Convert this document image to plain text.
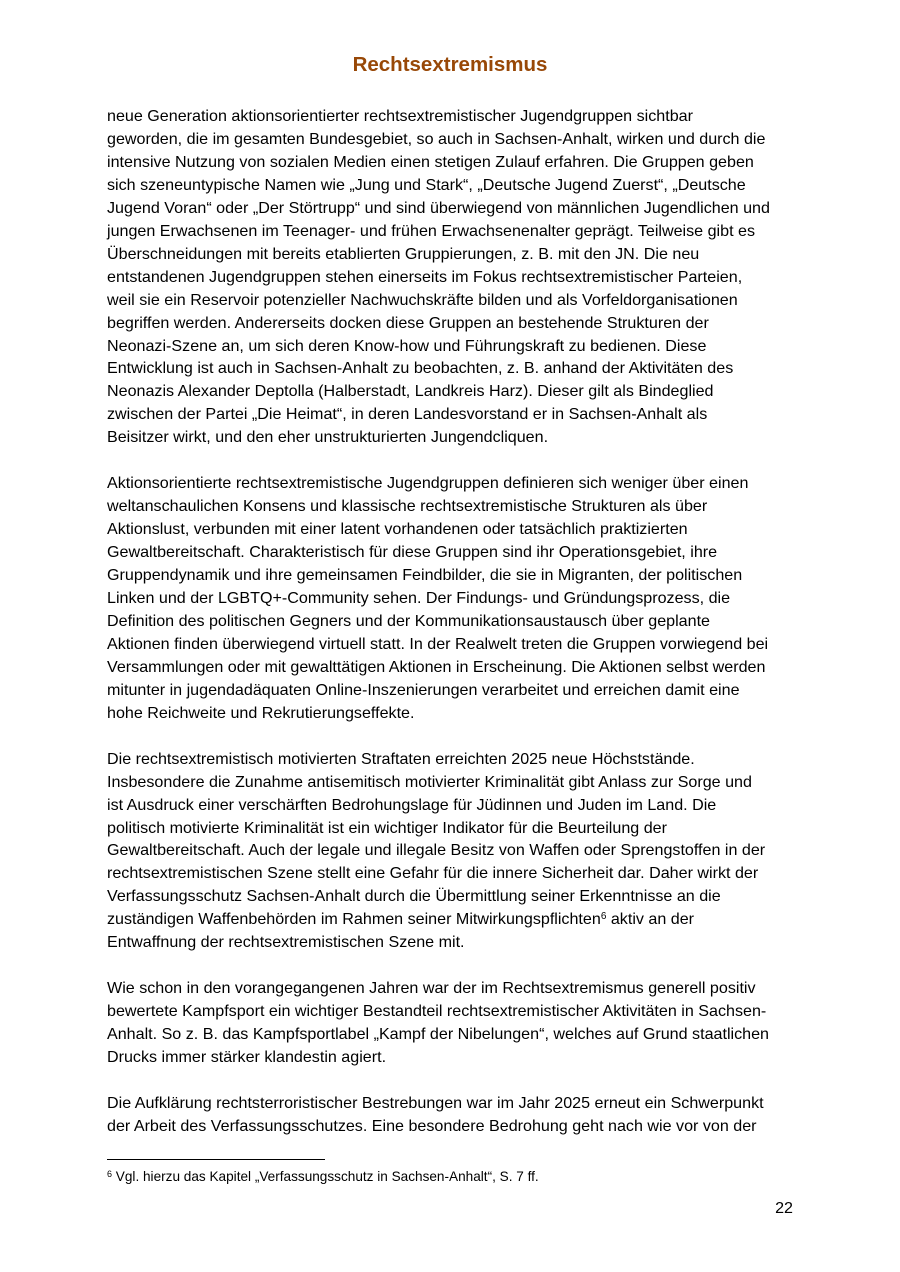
Rechtsextremismus

neue Generation aktionsorientierter rechtsextremistischer Jugendgruppen sichtbar
geworden, die im gesamten Bundesgebiet, so auch in Sachsen-Anhalt, wirken und durch die
intensive Nutzung von sozialen Medien einen stetigen Zulauf erfahren. Die Gruppen geben
sich szeneuntypische Namen wie „Jung und Stark“, „Deutsche Jugend Zuerst“, „Deutsche
Jugend Voran“ oder „Der Störtrupp“ und sind überwiegend von männlichen Jugendlichen und
jungen Erwachsenen im Teenager- und frühen Erwachsenenalter geprägt. Teilweise gibt es
Überschneidungen mit bereits etablierten Gruppierungen, z. B. mit den JN. Die neu
entstandenen Jugendgruppen stehen einerseits im Fokus rechtsextremistischer Parteien,
weil sie ein Reservoir potenzieller Nachwuchskräfte bilden und als Vorfeldorganisationen
begriffen werden. Andererseits docken diese Gruppen an bestehende Strukturen der
Neonazi-Szene an, um sich deren Know-how und Führungskraft zu bedienen. Diese
Entwicklung ist auch in Sachsen-Anhalt zu beobachten, z. B. anhand der Aktivitäten des
Neonazis Alexander Deptolla (Halberstadt, Landkreis Harz). Dieser gilt als Bindeglied
zwischen der Partei „Die Heimat“, in deren Landesvorstand er in Sachsen-Anhalt als
Beisitzer wirkt, und den eher unstrukturierten Jungendcliquen.

Aktionsorientierte rechtsextremistische Jugendgruppen definieren sich weniger über einen
weltanschaulichen Konsens und klassische rechtsextremistische Strukturen als über
Aktionslust, verbunden mit einer latent vorhandenen oder tatsächlich praktizierten
Gewaltbereitschaft. Charakteristisch für diese Gruppen sind ihr Operationsgebiet, ihre
Gruppendynamik und ihre gemeinsamen Feindbilder, die sie in Migranten, der politischen
Linken und der LGBTQ+-Community sehen. Der Findungs- und Gründungsprozess, die
Definition des politischen Gegners und der Kommunikationsaustausch über geplante
Aktionen finden überwiegend virtuell statt. In der Realwelt treten die Gruppen vorwiegend bei
Versammlungen oder mit gewalttätigen Aktionen in Erscheinung. Die Aktionen selbst werden
mitunter in jugendadäquaten Online-Inszenierungen verarbeitet und erreichen damit eine
hohe Reichweite und Rekrutierungseffekte.

Die rechtsextremistisch motivierten Straftaten erreichten 2025 neue Höchststände.
Insbesondere die Zunahme antisemitisch motivierter Kriminalität gibt Anlass zur Sorge und
ist Ausdruck einer verschärften Bedrohungslage für Jüdinnen und Juden im Land. Die
politisch motivierte Kriminalität ist ein wichtiger Indikator für die Beurteilung der
Gewaltbereitschaft. Auch der legale und illegale Besitz von Waffen oder Sprengstoffen in der
rechtsextremistischen Szene stellt eine Gefahr für die innere Sicherheit dar. Daher wirkt der
Verfassungsschutz Sachsen-Anhalt durch die Übermittlung seiner Erkenntnisse an die
zuständigen Waffenbehörden im Rahmen seiner Mitwirkungspflichten$^6$ aktiv an der
Entwaffnung der rechtsextremistischen Szene mit.

Wie schon in den vorangegangenen Jahren war der im Rechtsextremismus generell positiv
bewertete Kampfsport ein wichtiger Bestandteil rechtsextremistischer Aktivitäten in Sachsen-
Anhalt. So z. B. das Kampfsportlabel „Kampf der Nibelungen“, welches auf Grund staatlichen
Drucks immer stärker klandestin agiert.

Die Aufklärung rechtsterroristischer Bestrebungen war im Jahr 2025 erneut ein Schwerpunkt
der Arbeit des Verfassungsschutzes. Eine besondere Bedrohung geht nach wie vor von der

$^6$ Vgl. hierzu das Kapitel „Verfassungsschutz in Sachsen-Anhalt“, S. 7 ff.
22
